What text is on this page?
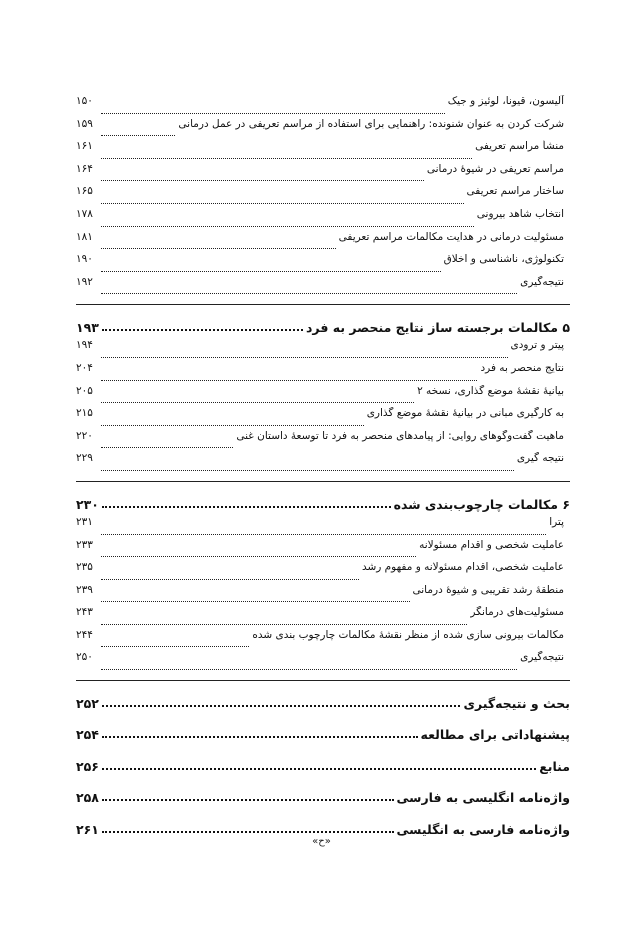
آلیسون، قیونا، لوئیز و جیک
۱۵۰
شرکت کردن به عنوان شنونده: راهنمایی برای استفاده از مراسم تعریفی در عمل درمانی
۱۵۹
منشأ مراسم تعریفی
۱۶۱
مراسم تعریفی در شیوهٔ درمانی
۱۶۴
ساختار مراسم تعریفی
۱۶۵
انتخاب شاهد بیرونی
۱۷۸
مسئولیت درمانی در هدایت مکالمات مراسم تعریفی
۱۸۱
تکنولوژی، ناشناسی و اخلاق
۱۹۰
نتیجه‌گیری
۱۹۲
۵ مکالمات برجسته ساز نتایج منحصر به فرد
۱۹۳
پیتر و ترودی
۱۹۴
نتایج منحصر به فرد
۲۰۴
بیانیهٔ نقشهٔ موضع گذاری، نسخه ۲
۲۰۵
به کارگیری مبانی در بیانیهٔ نقشهٔ موضع گذاری
۲۱۵
ماهیت گفت‌وگوهای روایی: از پیامدهای منحصر به فرد تا توسعهٔ داستان غنی
۲۲۰
نتیجه گیری
۲۲۹
۶ مکالمات چارچوب‌بندی شده
۲۳۰
پترا
۲۳۱
عاملیت شخصی و اقدام مسئولانه
۲۳۳
عاملیت شخصی، اقدام مسئولانه و مفهوم رشد
۲۳۵
منطقهٔ رشد تقریبی و شیوهٔ درمانی
۲۳۹
مسئولیت‌های درمانگر
۲۴۳
مکالمات بیرونی سازی شده از منظر نقشهٔ مکالمات چارچوب بندی شده
۲۴۴
نتیجه‌گیری
۲۵۰
بحث و نتیجه‌گیری
۲۵۲
پیشنهاداتی برای مطالعه
۲۵۴
منابع
۲۵۶
واژه‌نامه انگلیسی به فارسی
۲۵۸
واژه‌نامه فارسی به انگلیسی
۲۶۱
«ح»
